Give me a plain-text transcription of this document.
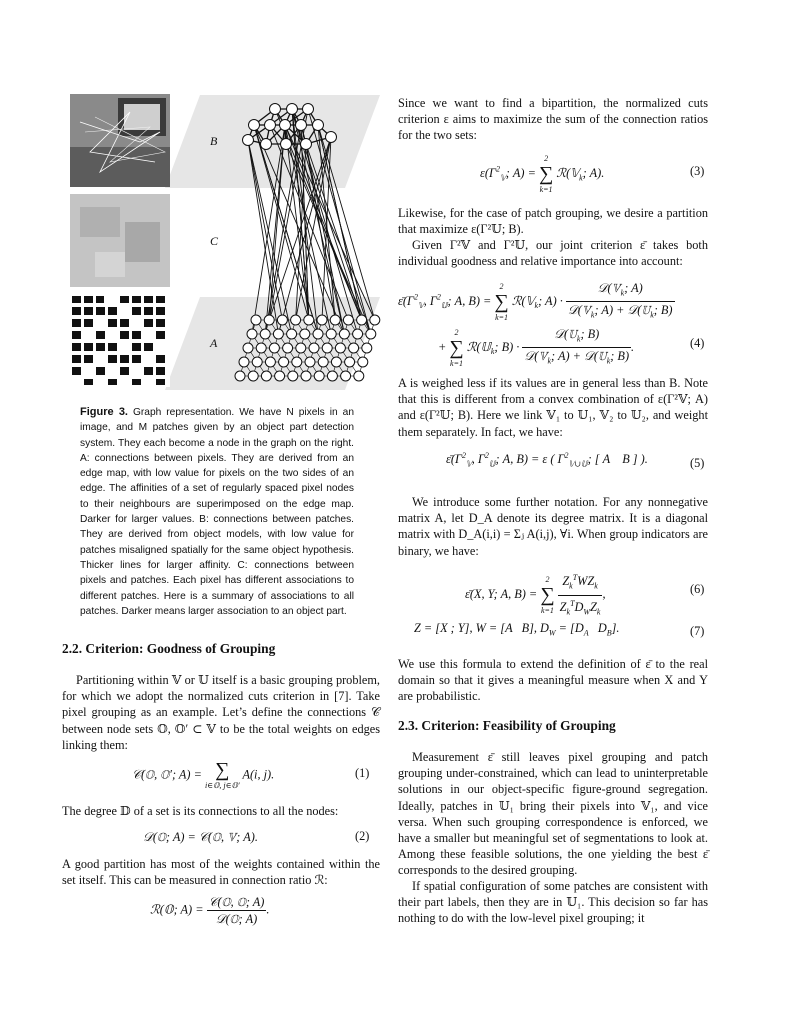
B
C
A

Figure 3. Graph representation. We have N pixels in an image, and M patches given by an object part detection system. They each become a node in the graph on the right. A: connections between pixels. They are derived from an edge map, with low value for pixels on the two sides of an edge. The affinities of a set of regularly spaced pixel nodes to their neighbours are superimposed on the edge map. Darker for larger values. B: connections between patches. They are derived from object models, with low value for patches misaligned spatially for the same object hypothesis. Thicker lines for larger affinity. C: connections between pixels and patches. Each pixel has different associations to different patches. Here is a summary of associations to all patches. Darker means larger association to an object part.

2.2. Criterion: Goodness of Grouping

Partitioning within 𝕍 or 𝕌 itself is a basic grouping problem, for which we adopt the normalized cuts criterion in [7]. Take pixel grouping as an example. Let’s define the connections 𝒞 between node sets 𝕆, 𝕆′ ⊂ 𝕍 to be the total weights on edges linking them:

𝒞(𝕆, 𝕆′; A) = ∑
i∈𝕆, j∈𝕆′
A(i, j).	(1)

The degree 𝔻 of a set is its connections to all the nodes:

𝒟(𝕆; A) = 𝒞(𝕆, 𝕍; A).	(2)

A good partition has most of the weights contained within the set itself. This can be measured in connection ratio ℛ:

ℛ(𝕆; $A) = \frac{\text{𝒞(𝕆, 𝕆; A)}}{\text{𝒟(𝕆; A)}}$ .

Since we want to find a bipartition, the normalized cuts criterion ε aims to maximize the sum of the connection ratios for the two sets:

$\varepsilon(\Gamma^2_𝕍$; A) =
2
∑
k=1
ℛ(𝕍$_k$; A).	(3)

Likewise, for the case of patch grouping, we desire a partition that maximize ε(Γ²𝕌; B).

Given Γ²𝕍 and Γ²𝕌, our joint criterion ε̄ takes both individual goodness and relative importance into account:

$\varepsilon̄(\Gamma^2_𝕍$, $\Gamma^2_𝕌$; A, B) =
2
∑
k=1
ℛ(𝕍$_k$; $A) \cdot \frac{𝒟(𝕍_k; A)}{𝒟(𝕍_k; A) + 𝒟(𝕌_k; B)}$
+
2
∑
k=1
ℛ(𝕌$_k$; $B) \cdot \frac{𝒟(𝕌_k; B)}{𝒟(𝕍_k; A) + 𝒟(𝕌_k; B)}$ .	(4)

A is weighed less if its values are in general less than B. Note that this is different from a convex combination of ε(Γ²𝕍; A) and ε(Γ²𝕌; B). Here we link 𝕍₁ to 𝕌₁, 𝕍₂ to 𝕌₂, and weight them separately. In fact, we have:

$\varepsilon̄(\Gamma^2_𝕍$, $\Gamma^2_𝕌$; A, B) = ε ( $\Gamma^2_{𝕍\cup 𝕌}$; [ A    B ] ).	(5)

We introduce some further notation. For any nonnegative matrix A, let D_A denote its degree matrix. It is a diagonal matrix with D_A(i,i) = Σⱼ A(i,j), ∀i. When group indicators are binary, we have:

ε̄(X, Y; A, B) =
2
∑
k=1
$\frac{Z_k^TWZ_k}{Z_k^TD_WZ_k}$ ,	(6)
Z = [X ; Y], W = [A   B], $D_W = [D_A$   $D_B$].	(7)

We use this formula to extend the definition of ε̄ to the real domain so that it gives a meaningful measure when X and Y are probabilistic.

2.3. Criterion: Feasibility of Grouping

Measurement ε̄ still leaves pixel grouping and patch grouping under-constrained, which can lead to uninterpretable solutions in our object-specific figure-ground segregation. Ideally, patches in 𝕌₁ bring their pixels into 𝕍₁, and vice versa. When such grouping correspondence is enforced, we have a smaller but meaningful set of segmentations to look at. Among these feasible solutions, the one yielding the best ε̄ corresponds to the desired grouping.

If spatial configuration of some patches are consistent with their part labels, then they are in 𝕌₁. This decision so far has nothing to do with the low-level pixel grouping; it
